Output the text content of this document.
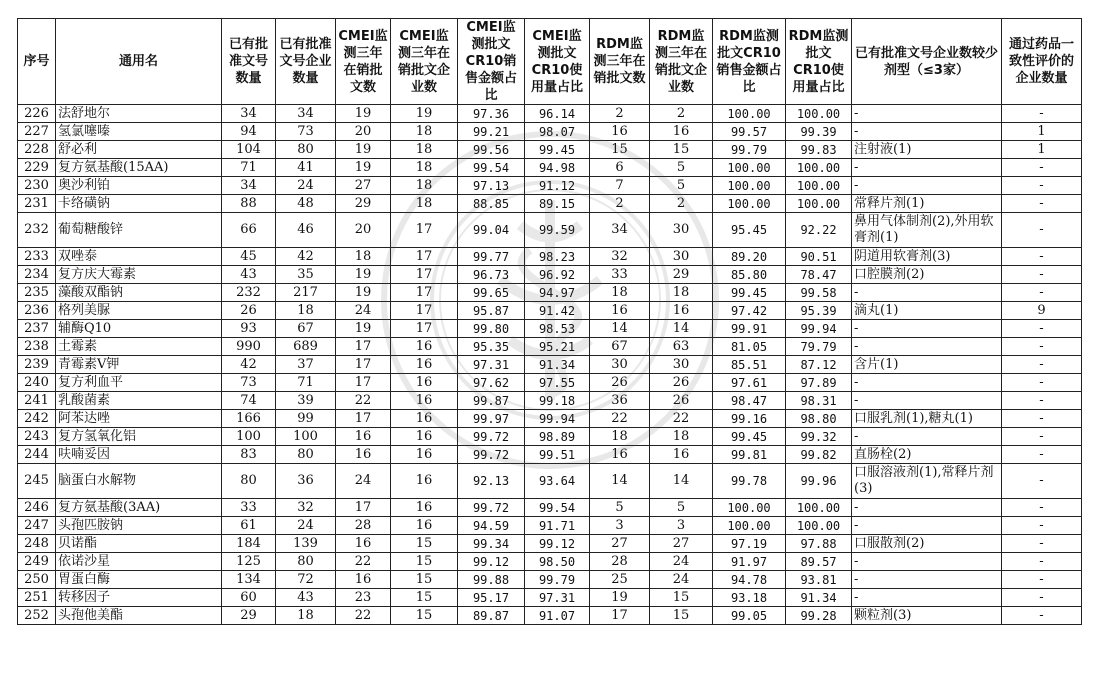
序号	通用名	已有批准文号数量	已有批准文号企业数量	CMEI监测三年在销批文数	CMEI监测三年在销批文企业数	CMEI监测批文CR10销售金额占比	CMEI监测批文CR10使用量占比	RDM监测三年在销批文数	RDM监测三年在销批文企业数	RDM监测批文CR10销售金额占比	RDM监测批文CR10使用量占比	已有批准文号企业数较少剂型（≤3家）	通过药品一致性评价的企业数量
226	法舒地尔	34	34	19	19	97.36	96.14	2	2	100.00	100.00	-	-
227	氢氯噻嗪	94	73	20	18	99.21	98.07	16	16	99.57	99.39	-	1
228	舒必利	104	80	19	18	99.56	99.45	15	15	99.79	99.83	注射液(1)	1
229	复方氨基酸(15AA)	71	41	19	18	99.54	94.98	6	5	100.00	100.00	-	-
230	奥沙利铂	34	24	27	18	97.13	91.12	7	5	100.00	100.00	-	-
231	卡络磺钠	88	48	29	18	88.85	89.15	2	2	100.00	100.00	常释片剂(1)	-
232	葡萄糖酸锌	66	46	20	17	99.04	99.59	34	30	95.45	92.22	鼻用气体制剂(2),外用软膏剂(1)	-
233	双唑泰	45	42	18	17	99.77	98.23	32	30	89.20	90.51	阴道用软膏剂(3)	-
234	复方庆大霉素	43	35	19	17	96.73	96.92	33	29	85.80	78.47	口腔膜剂(2)	-
235	藻酸双酯钠	232	217	19	17	99.65	94.97	18	18	99.45	99.58	-	-
236	格列美脲	26	18	24	17	95.87	91.42	16	16	97.42	95.39	滴丸(1)	9
237	辅酶Q10	93	67	19	17	99.80	98.53	14	14	99.91	99.94	-	-
238	土霉素	990	689	17	16	95.35	95.21	67	63	81.05	79.79	-	-
239	青霉素V钾	42	37	17	16	97.31	91.34	30	30	85.51	87.12	含片(1)	-
240	复方利血平	73	71	17	16	97.62	97.55	26	26	97.61	97.89	-	-
241	乳酸菌素	74	39	22	16	99.87	99.18	36	26	98.47	98.31	-	-
242	阿苯达唑	166	99	17	16	99.97	99.94	22	22	99.16	98.80	口服乳剂(1),糖丸(1)	-
243	复方氢氧化铝	100	100	16	16	99.72	98.89	18	18	99.45	99.32	-	-
244	呋喃妥因	83	80	16	16	99.72	99.51	16	16	99.81	99.82	直肠栓(2)	-
245	脑蛋白水解物	80	36	24	16	92.13	93.64	14	14	99.78	99.96	口服溶液剂(1),常释片剂(3)	-
246	复方氨基酸(3AA)	33	32	17	16	99.72	99.54	5	5	100.00	100.00	-	-
247	头孢匹胺钠	61	24	28	16	94.59	91.71	3	3	100.00	100.00	-	-
248	贝诺酯	184	139	16	15	99.34	99.12	27	27	97.19	97.88	口服散剂(2)	-
249	依诺沙星	125	80	22	15	99.12	98.50	28	24	91.97	89.57	-	-
250	胃蛋白酶	134	72	16	15	99.88	99.79	25	24	94.78	93.81	-	-
251	转移因子	60	43	23	15	95.17	97.31	19	15	93.18	91.34	-	-
252	头孢他美酯	29	18	22	15	89.87	91.07	17	15	99.05	99.28	颗粒剂(3)	-
